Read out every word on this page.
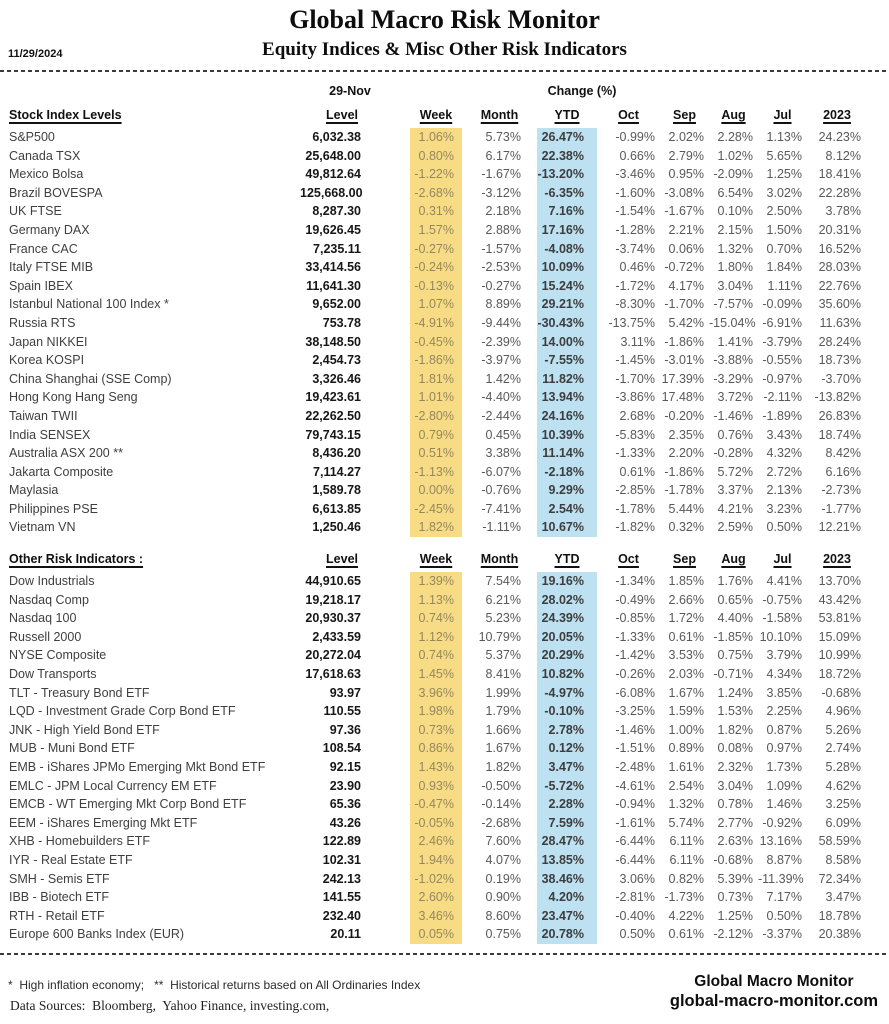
Global Macro Risk Monitor
Equity Indices & Misc Other Risk Indicators
11/29/2024
29-Nov	Change (%)
Stock Index Levels	Level		Week	Month	YTD	Oct	Sep	Aug	Jul	2023
S&P500	6,032.38		1.06%	5.73%	26.47%	-0.99%	2.02%	2.28%	1.13%	24.23%
Canada TSX	25,648.00		0.80%	6.17%	22.38%	0.66%	2.79%	1.02%	5.65%	8.12%
Mexico Bolsa	49,812.64		-1.22%	-1.67%	-13.20%	-3.46%	0.95%	-2.09%	1.25%	18.41%
Brazil BOVESPA	125,668.00		-2.68%	-3.12%	-6.35%	-1.60%	-3.08%	6.54%	3.02%	22.28%
UK FTSE	8,287.30		0.31%	2.18%	7.16%	-1.54%	-1.67%	0.10%	2.50%	3.78%
Germany DAX	19,626.45		1.57%	2.88%	17.16%	-1.28%	2.21%	2.15%	1.50%	20.31%
France CAC	7,235.11		-0.27%	-1.57%	-4.08%	-3.74%	0.06%	1.32%	0.70%	16.52%
Italy FTSE MIB	33,414.56		-0.24%	-2.53%	10.09%	0.46%	-0.72%	1.80%	1.84%	28.03%
Spain IBEX	11,641.30		-0.13%	-0.27%	15.24%	-1.72%	4.17%	3.04%	1.11%	22.76%
Istanbul National 100 Index *	9,652.00		1.07%	8.89%	29.21%	-8.30%	-1.70%	-7.57%	-0.09%	35.60%
Russia RTS	753.78		-4.91%	-9.44%	-30.43%	-13.75%	5.42%	-15.04%	-6.91%	11.63%
Japan NIKKEI	38,148.50		-0.45%	-2.39%	14.00%	3.11%	-1.86%	1.41%	-3.79%	28.24%
Korea KOSPI	2,454.73		-1.86%	-3.97%	-7.55%	-1.45%	-3.01%	-3.88%	-0.55%	18.73%
China Shanghai (SSE Comp)	3,326.46		1.81%	1.42%	11.82%	-1.70%	17.39%	-3.29%	-0.97%	-3.70%
Hong Kong Hang Seng	19,423.61		1.01%	-4.40%	13.94%	-3.86%	17.48%	3.72%	-2.11%	-13.82%
Taiwan TWII	22,262.50		-2.80%	-2.44%	24.16%	2.68%	-0.20%	-1.46%	-1.89%	26.83%
India SENSEX	79,743.15		0.79%	0.45%	10.39%	-5.83%	2.35%	0.76%	3.43%	18.74%
Australia ASX 200 **	8,436.20		0.51%	3.38%	11.14%	-1.33%	2.20%	-0.28%	4.32%	8.42%
Jakarta Composite	7,114.27		-1.13%	-6.07%	-2.18%	0.61%	-1.86%	5.72%	2.72%	6.16%
Maylasia	1,589.78		0.00%	-0.76%	9.29%	-2.85%	-1.78%	3.37%	2.13%	-2.73%
Philippines PSE	6,613.85		-2.45%	-7.41%	2.54%	-1.78%	5.44%	4.21%	3.23%	-1.77%
Vietnam VN	1,250.46		1.82%	-1.11%	10.67%	-1.82%	0.32%	2.59%	0.50%	12.21%
Other Risk Indicators :	Level		Week	Month	YTD	Oct	Sep	Aug	Jul	2023
Dow Industrials	44,910.65		1.39%	7.54%	19.16%	-1.34%	1.85%	1.76%	4.41%	13.70%
Nasdaq Comp	19,218.17		1.13%	6.21%	28.02%	-0.49%	2.66%	0.65%	-0.75%	43.42%
Nasdaq 100	20,930.37		0.74%	5.23%	24.39%	-0.85%	1.72%	4.40%	-1.58%	53.81%
Russell 2000	2,433.59		1.12%	10.79%	20.05%	-1.33%	0.61%	-1.85%	10.10%	15.09%
NYSE Composite	20,272.04		0.74%	5.37%	20.29%	-1.42%	3.53%	0.75%	3.79%	10.99%
Dow Transports	17,618.63		1.45%	8.41%	10.82%	-0.26%	2.03%	-0.71%	4.34%	18.72%
TLT - Treasury Bond ETF	93.97		3.96%	1.99%	-4.97%	-6.08%	1.67%	1.24%	3.85%	-0.68%
LQD - Investment Grade Corp Bond ETF	110.55		1.98%	1.79%	-0.10%	-3.25%	1.59%	1.53%	2.25%	4.96%
JNK - High Yield Bond ETF	97.36		0.73%	1.66%	2.78%	-1.46%	1.00%	1.82%	0.87%	5.26%
MUB - Muni Bond ETF	108.54		0.86%	1.67%	0.12%	-1.51%	0.89%	0.08%	0.97%	2.74%
EMB - iShares JPMo Emerging Mkt Bond ETF	92.15		1.43%	1.82%	3.47%	-2.48%	1.61%	2.32%	1.73%	5.28%
EMLC - JPM Local Currency EM ETF	23.90		0.93%	-0.50%	-5.72%	-4.61%	2.54%	3.04%	1.09%	4.62%
EMCB - WT Emerging Mkt Corp Bond ETF	65.36		-0.47%	-0.14%	2.28%	-0.94%	1.32%	0.78%	1.46%	3.25%
EEM - iShares Emerging Mkt ETF	43.26		-0.05%	-2.68%	7.59%	-1.61%	5.74%	2.77%	-0.92%	6.09%
XHB - Homebuilders ETF	122.89		2.46%	7.60%	28.47%	-6.44%	6.11%	2.63%	13.16%	58.59%
IYR - Real Estate ETF	102.31		1.94%	4.07%	13.85%	-6.44%	6.11%	-0.68%	8.87%	8.58%
SMH - Semis ETF	242.13		-1.02%	0.19%	38.46%	3.06%	0.82%	5.39%	-11.39%	72.34%
IBB - Biotech ETF	141.55		2.60%	0.90%	4.20%	-2.81%	-1.73%	0.73%	7.17%	3.47%
RTH - Retail ETF	232.40		3.46%	8.60%	23.47%	-0.40%	4.22%	1.25%	0.50%	18.78%
Europe 600 Banks Index (EUR)	20.11		0.05%	0.75%	20.78%	0.50%	0.61%	-2.12%	-3.37%	20.38%
*  High inflation economy;   **  Historical returns based on All Ordinaries Index
Data Sources:  Bloomberg,  Yahoo Finance, investing.com,
Global Macro Monitor
global-macro-monitor.com
